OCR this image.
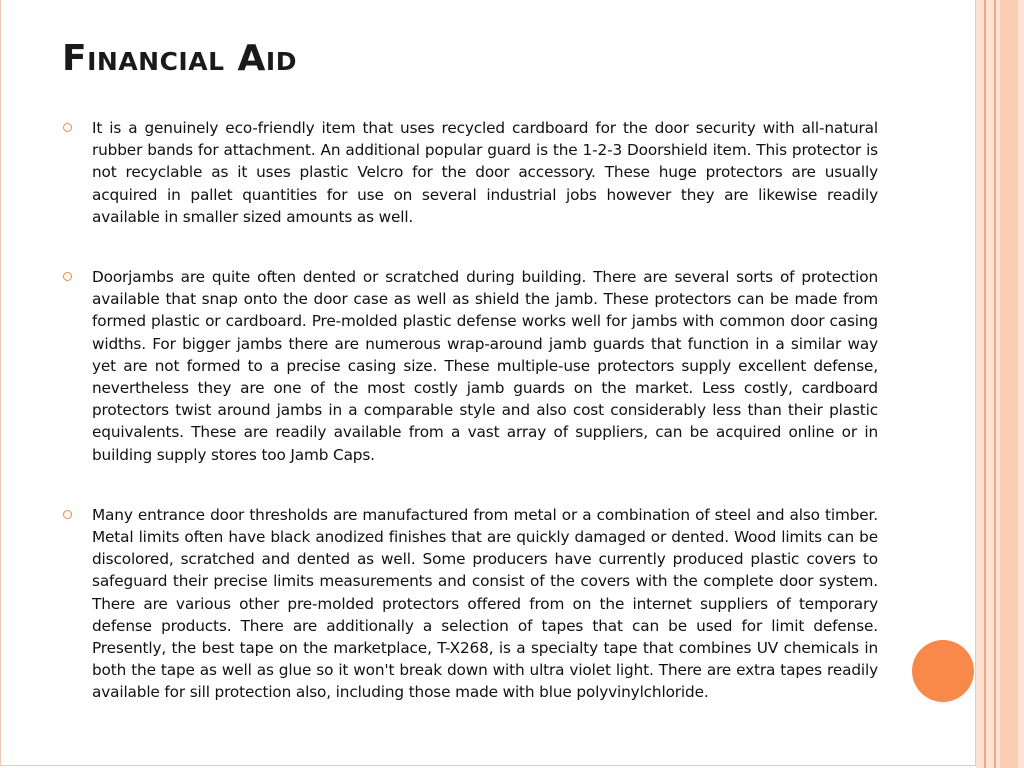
Financial Aid

It is a genuinely eco-friendly item that uses recycled cardboard for the door security with all-natural rubber bands for attachment. An additional popular guard is the 1-2-3 Doorshield item. This protector is not recyclable as it uses plastic Velcro for the door accessory. These huge protectors are usually acquired in pallet quantities for use on several industrial jobs however they are likewise readily available in smaller sized amounts as well.

Doorjambs are quite often dented or scratched during building. There are several sorts of protection available that snap onto the door case as well as shield the jamb. These protectors can be made from formed plastic or cardboard. Pre-molded plastic defense works well for jambs with common door casing widths. For bigger jambs there are numerous wrap-around jamb guards that function in a similar way yet are not formed to a precise casing size. These multiple-use protectors supply excellent defense, nevertheless they are one of the most costly jamb guards on the market. Less costly, cardboard protectors twist around jambs in a comparable style and also cost considerably less than their plastic equivalents. These are readily available from a vast array of suppliers, can be acquired online or in building supply stores too Jamb Caps.

Many entrance door thresholds are manufactured from metal or a combination of steel and also timber. Metal limits often have black anodized finishes that are quickly damaged or dented. Wood limits can be discolored, scratched and dented as well. Some producers have currently produced plastic covers to safeguard their precise limits measurements and consist of the covers with the complete door system. There are various other pre-molded protectors offered from on the internet suppliers of temporary defense products. There are additionally a selection of tapes that can be used for limit defense. Presently, the best tape on the marketplace, T-X268, is a specialty tape that combines UV chemicals in both the tape as well as glue so it won't break down with ultra violet light. There are extra tapes readily available for sill protection also, including those made with blue polyvinylchloride.
